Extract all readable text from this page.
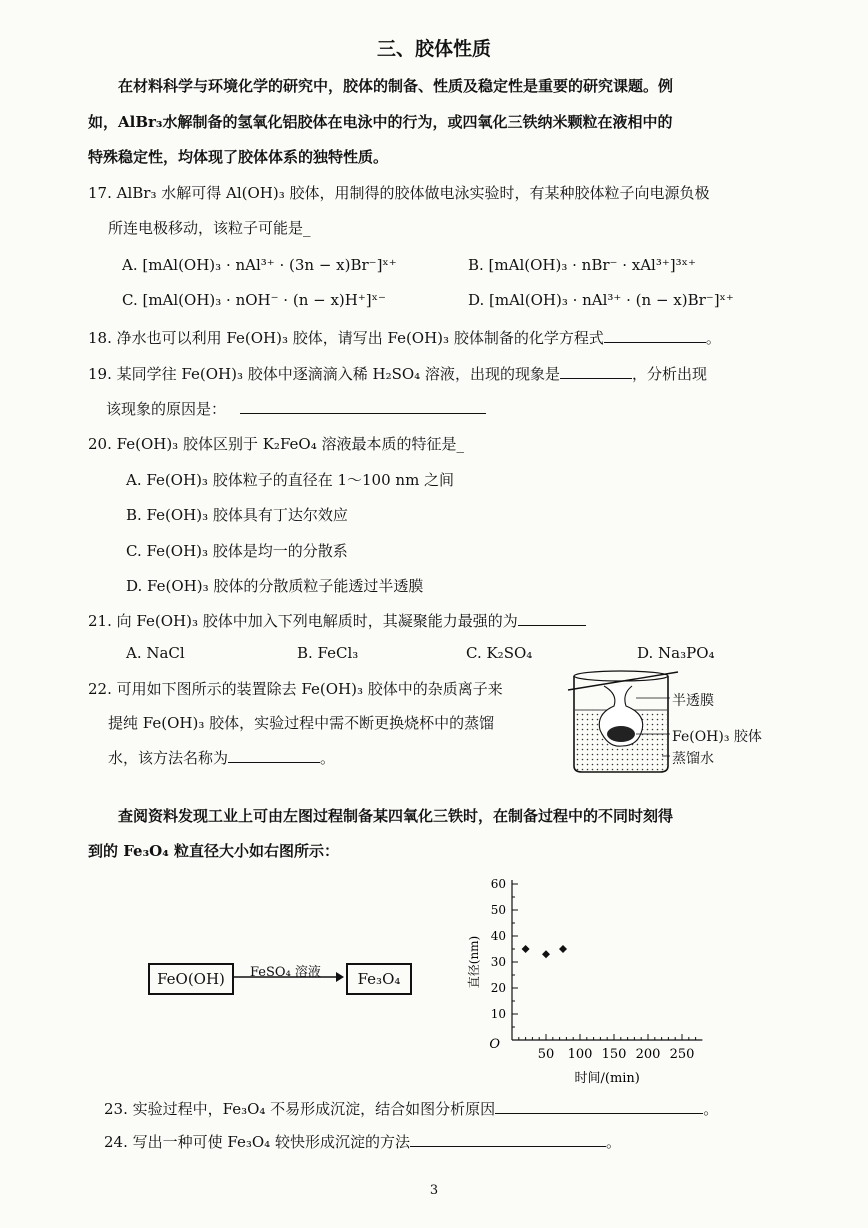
三、胶体性质
在材料科学与环境化学的研究中，胶体的制备、性质及稳定性是重要的研究课题。例
如，AlBr₃水解制备的氢氧化铝胶体在电泳中的行为，或四氧化三铁纳米颗粒在液相中的
特殊稳定性，均体现了胶体体系的独特性质。
17. AlBr₃ 水解可得 Al(OH)₃ 胶体，用制得的胶体做电泳实验时，有某种胶体粒子向电源负极
所连电极移动，该粒子可能是_
A. [mAl(OH)₃ · nAl³⁺ · (3n − x)Br⁻]ˣ⁺	B. [mAl(OH)₃ · nBr⁻ · xAl³⁺]³ˣ⁺
C. [mAl(OH)₃ · nOH⁻ · (n − x)H⁺]ˣ⁻	D. [mAl(OH)₃ · nAl³⁺ · (n − x)Br⁻]ˣ⁺
18. 净水也可以利用 Fe(OH)₃ 胶体，请写出 Fe(OH)₃ 胶体制备的化学方程式	。
19. 某同学往 Fe(OH)₃ 胶体中逐滴滴入稀 H₂SO₄ 溶液，出现的现象是	，分析出现
该现象的原因是：
20. Fe(OH)₃ 胶体区别于 K₂FeO₄ 溶液最本质的特征是_
A. Fe(OH)₃ 胶体粒子的直径在 1～100 nm 之间
B. Fe(OH)₃ 胶体具有丁达尔效应
C. Fe(OH)₃ 胶体是均一的分散系
D. Fe(OH)₃ 胶体的分散质粒子能透过半透膜
21. 向 Fe(OH)₃ 胶体中加入下列电解质时，其凝聚能力最强的为
A. NaCl	B. FeCl₃	C. K₂SO₄	D. Na₃PO₄
22. 可用如下图所示的装置除去 Fe(OH)₃ 胶体中的杂质离子来
提纯 Fe(OH)₃ 胶体，实验过程中需不断更换烧杯中的蒸馏
水，该方法名称为	。
半透膜
Fe(OH)₃ 胶体
蒸馏水
查阅资料发现工业上可由左图过程制备某四氧化三铁时，在制备过程中的不同时刻得
到的 Fe₃O₄ 粒直径大小如右图所示：
FeO(OH)	FeSO₄ 溶液	Fe₃O₄
50 100 150 200 250
10
20
30
40
50
60
O
时间/(min)
直径(nm)
23. 实验过程中，Fe₃O₄ 不易形成沉淀，结合如图分析原因	。
24. 写出一种可使 Fe₃O₄ 较快形成沉淀的方法	。
3
